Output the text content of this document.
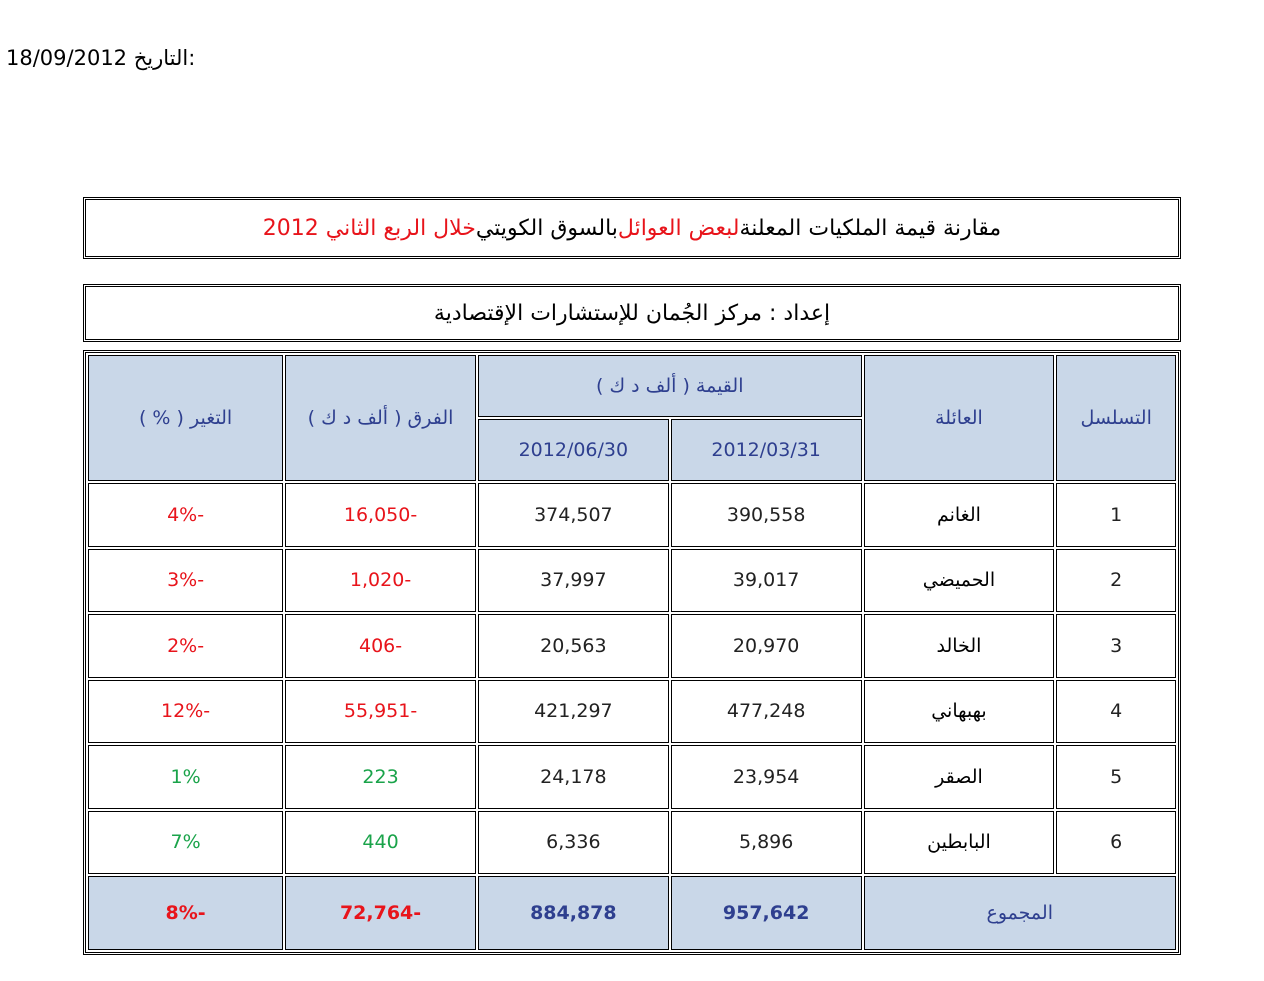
18/09/2012 التاريخ:
مقارنة قيمة الملكيات المعلنة
لبعض العوائل
بالسوق الكويتي
خلال الربع الثاني 2012
إعداد : مركز الجُمان للإستشارات الإقتصادية
التسلسل	العائلة	القيمة ( ألف د ك )		الفرق ( ألف د ك )	التغير ( % )
		2012/03/31	2012/06/30		
1	الغانم	390,558	374,507	-16,050	-4%
2	الحميضي	39,017	37,997	-1,020	-3%
3	الخالد	20,970	20,563	-406	-2%
4	بهبهاني	477,248	421,297	-55,951	-12%
5	الصقر	23,954	24,178	223	1%
6	البابطين	5,896	6,336	440	7%
المجموع		957,642	884,878	-72,764	-8%
